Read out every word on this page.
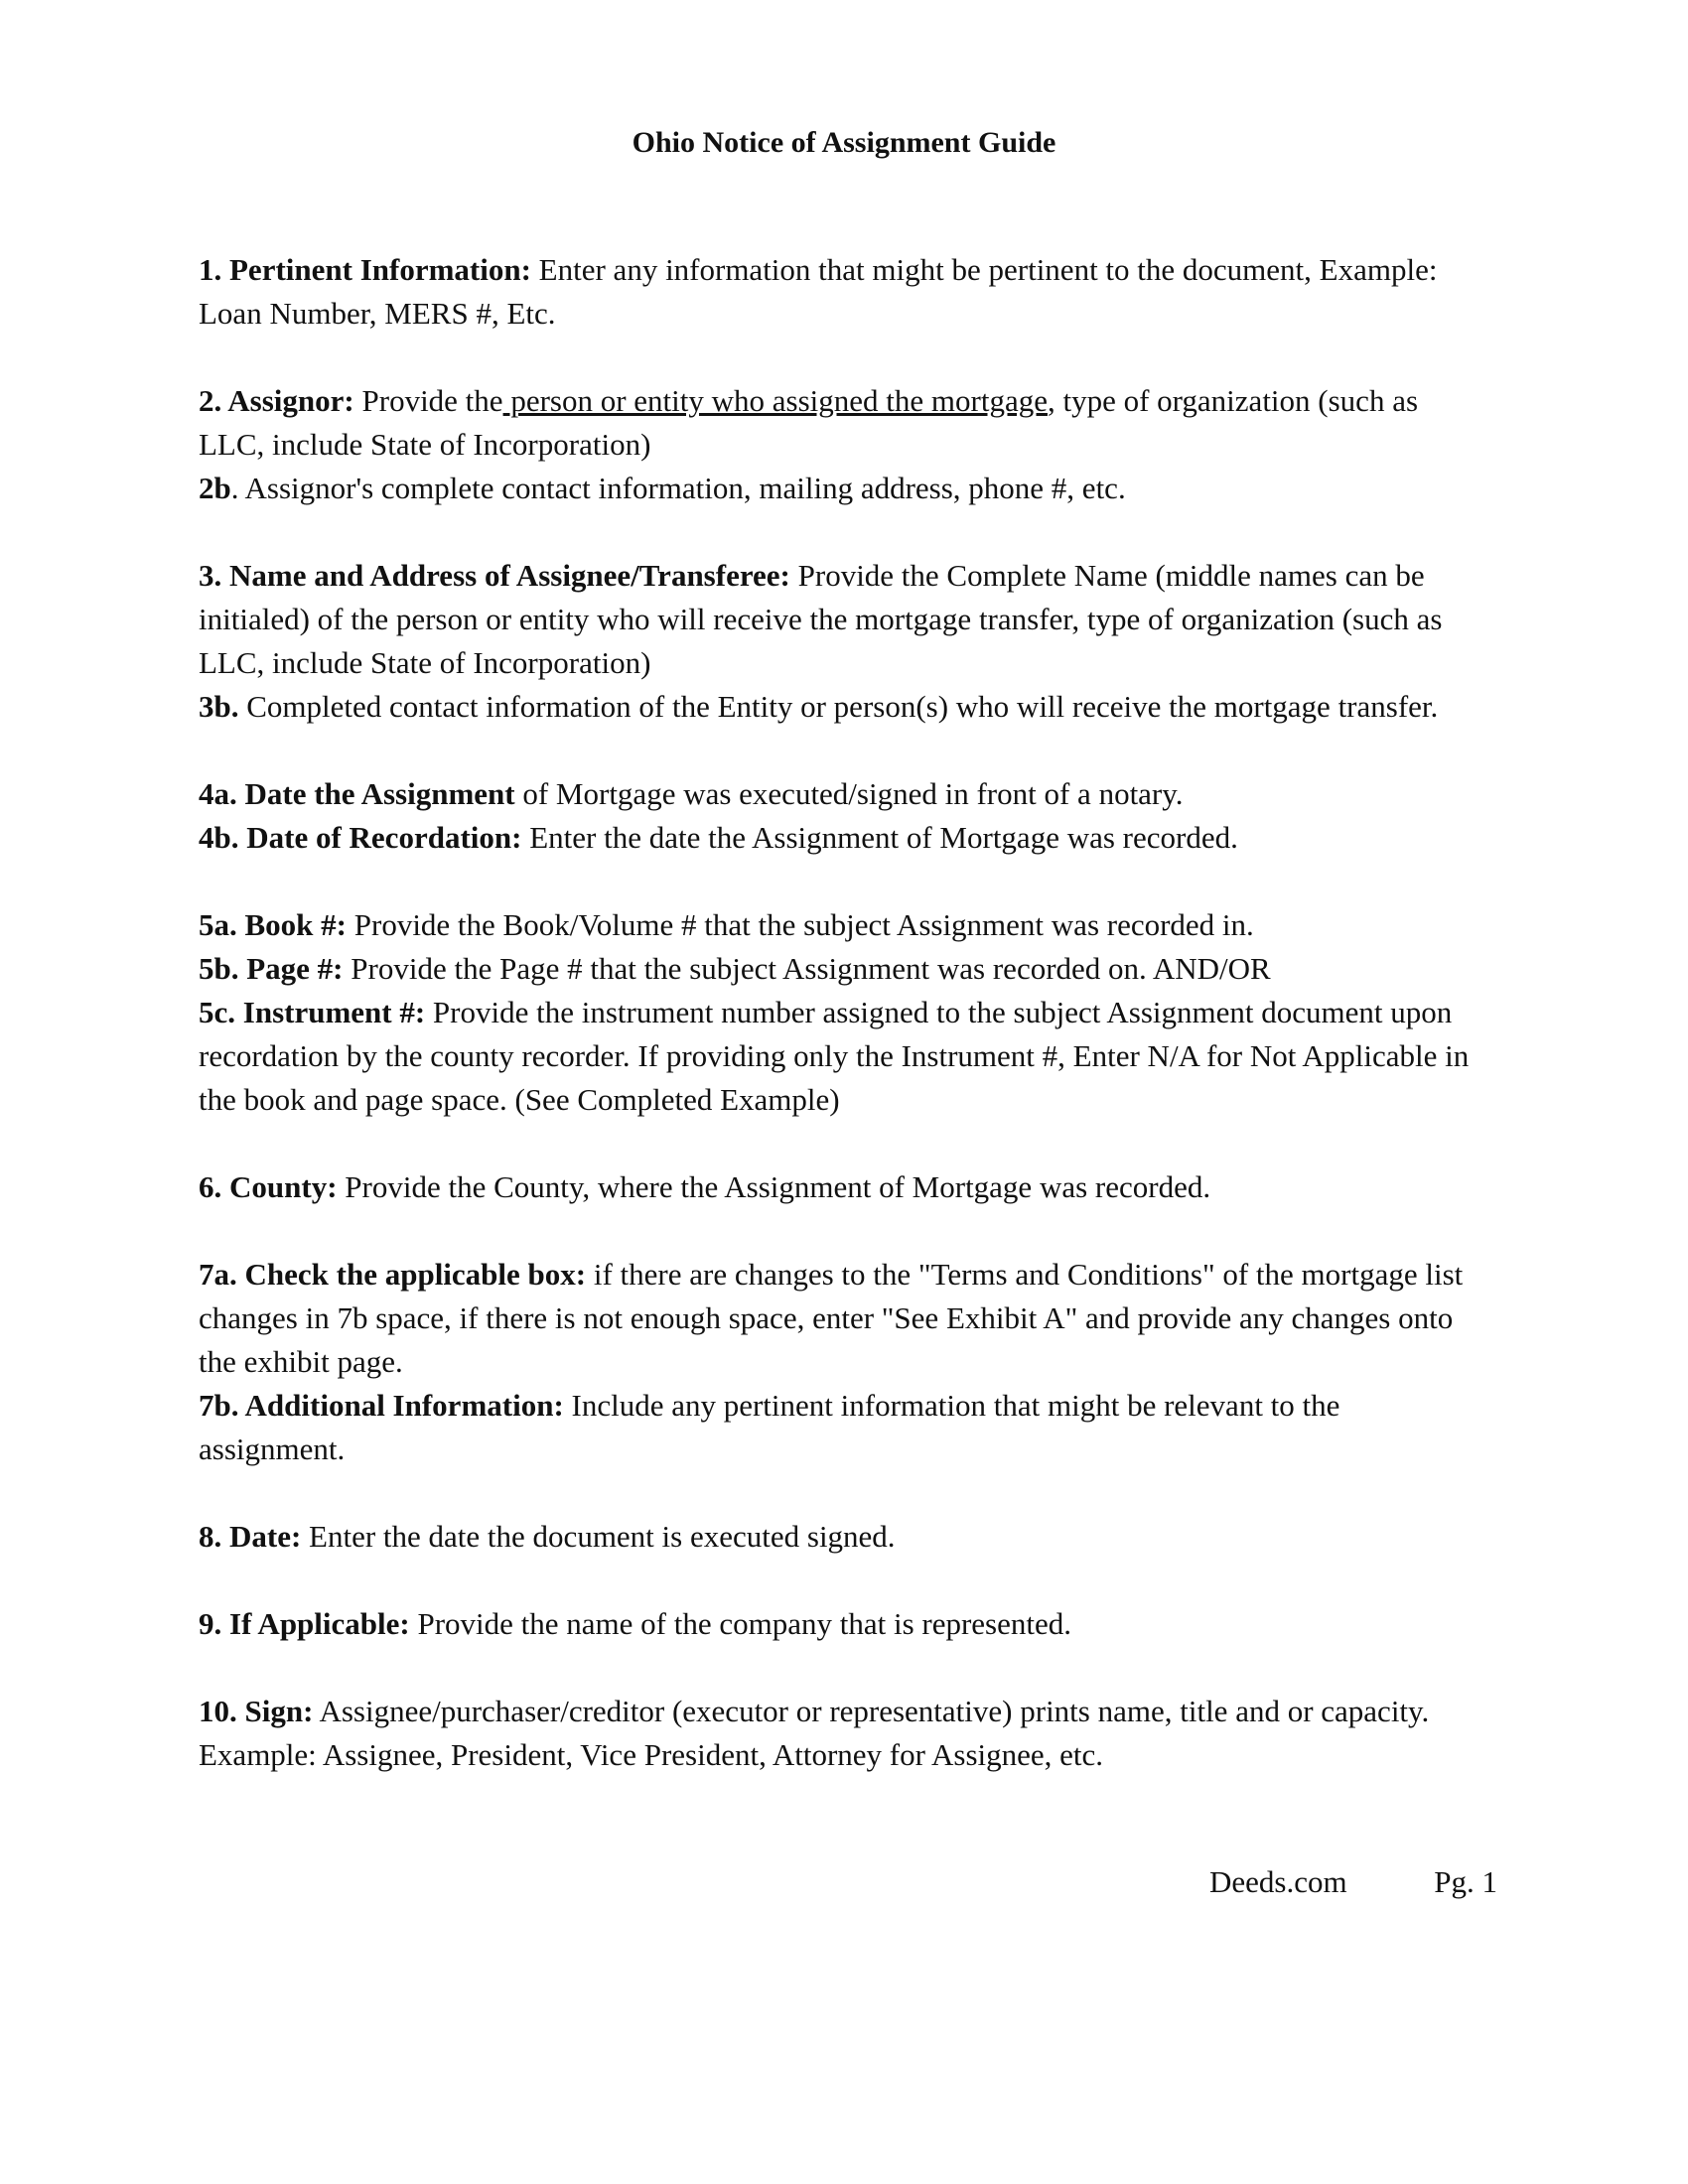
Ohio Notice of Assignment Guide

1. Pertinent Information: Enter any information that might be pertinent to the document, Example: Loan Number, MERS #, Etc.

2. Assignor: Provide the person or entity who assigned the mortgage, type of organization (such as LLC, include State of Incorporation)
2b. Assignor's complete contact information, mailing address, phone #, etc.

3. Name and Address of Assignee/Transferee: Provide the Complete Name (middle names can be initialed) of the person or entity who will receive the mortgage transfer, type of organization (such as LLC, include State of Incorporation)
3b. Completed contact information of the Entity or person(s) who will receive the mortgage transfer.

4a. Date the Assignment of Mortgage was executed/signed in front of a notary.
4b. Date of Recordation: Enter the date the Assignment of Mortgage was recorded.

5a. Book #: Provide the Book/Volume # that the subject Assignment was recorded in.
5b. Page #: Provide the Page # that the subject Assignment was recorded on. AND/OR
5c. Instrument #: Provide the instrument number assigned to the subject Assignment document upon recordation by the county recorder. If providing only the Instrument #, Enter N/A for Not Applicable in the book and page space. (See Completed Example)

6. County: Provide the County, where the Assignment of Mortgage was recorded.

7a. Check the applicable box: if there are changes to the "Terms and Conditions" of the mortgage list changes in 7b space, if there is not enough space, enter "See Exhibit A" and provide any changes onto the exhibit page.
7b. Additional Information: Include any pertinent information that might be relevant to the assignment.

8. Date: Enter the date the document is executed signed.

9. If Applicable: Provide the name of the company that is represented.

10. Sign: Assignee/purchaser/creditor (executor or representative) prints name, title and or capacity. Example: Assignee, President, Vice President, Attorney for Assignee, etc.

Deeds.com	Pg. 1
